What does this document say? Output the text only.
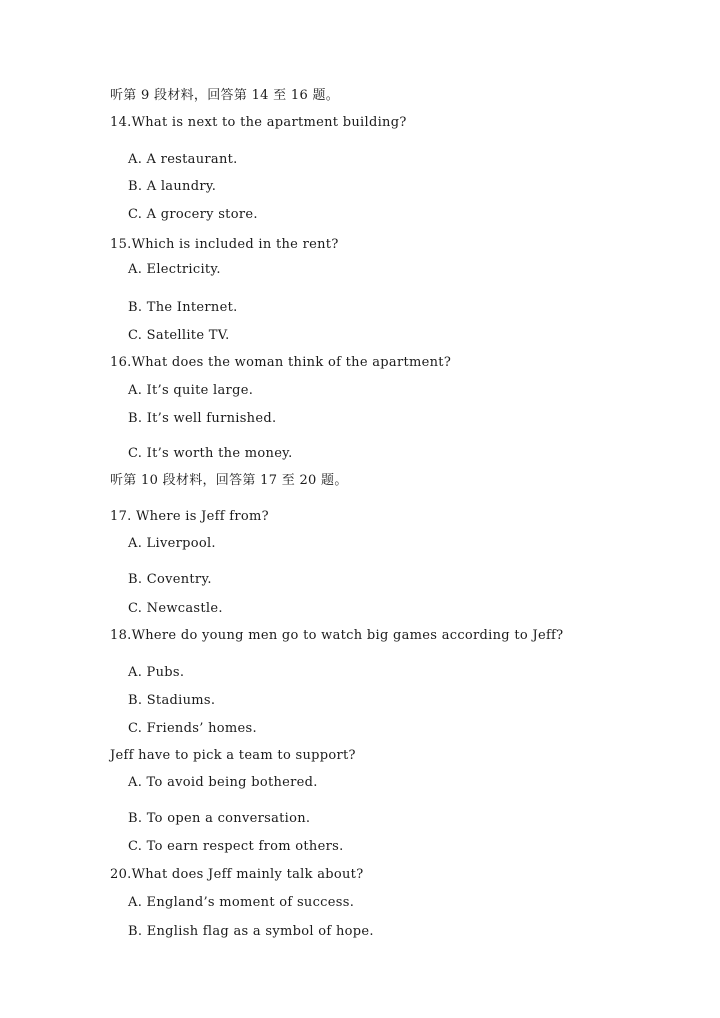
听第 9 段材料，回答第 14 至 16 题。
14.What is next to the apartment building?
A. A restaurant.
B. A laundry.
C. A grocery store.
15.Which is included in the rent?
A. Electricity.
B. The Internet.
C. Satellite TV.
16.What does the woman think of the apartment?
A. It’s quite large.
B. It’s well furnished.
C. It’s worth the money.
听第 10 段材料，回答第 17 至 20 题。
17. Where is Jeff from?
A. Liverpool.
B. Coventry.
C. Newcastle.
18.Where do young men go to watch big games according to Jeff?
A. Pubs.
B. Stadiums.
C. Friends’ homes.
Jeff have to pick a team to support?
A. To avoid being bothered.
B. To open a conversation.
C. To earn respect from others.
20.What does Jeff mainly talk about?
A. England’s moment of success.
B. English flag as a symbol of hope.
